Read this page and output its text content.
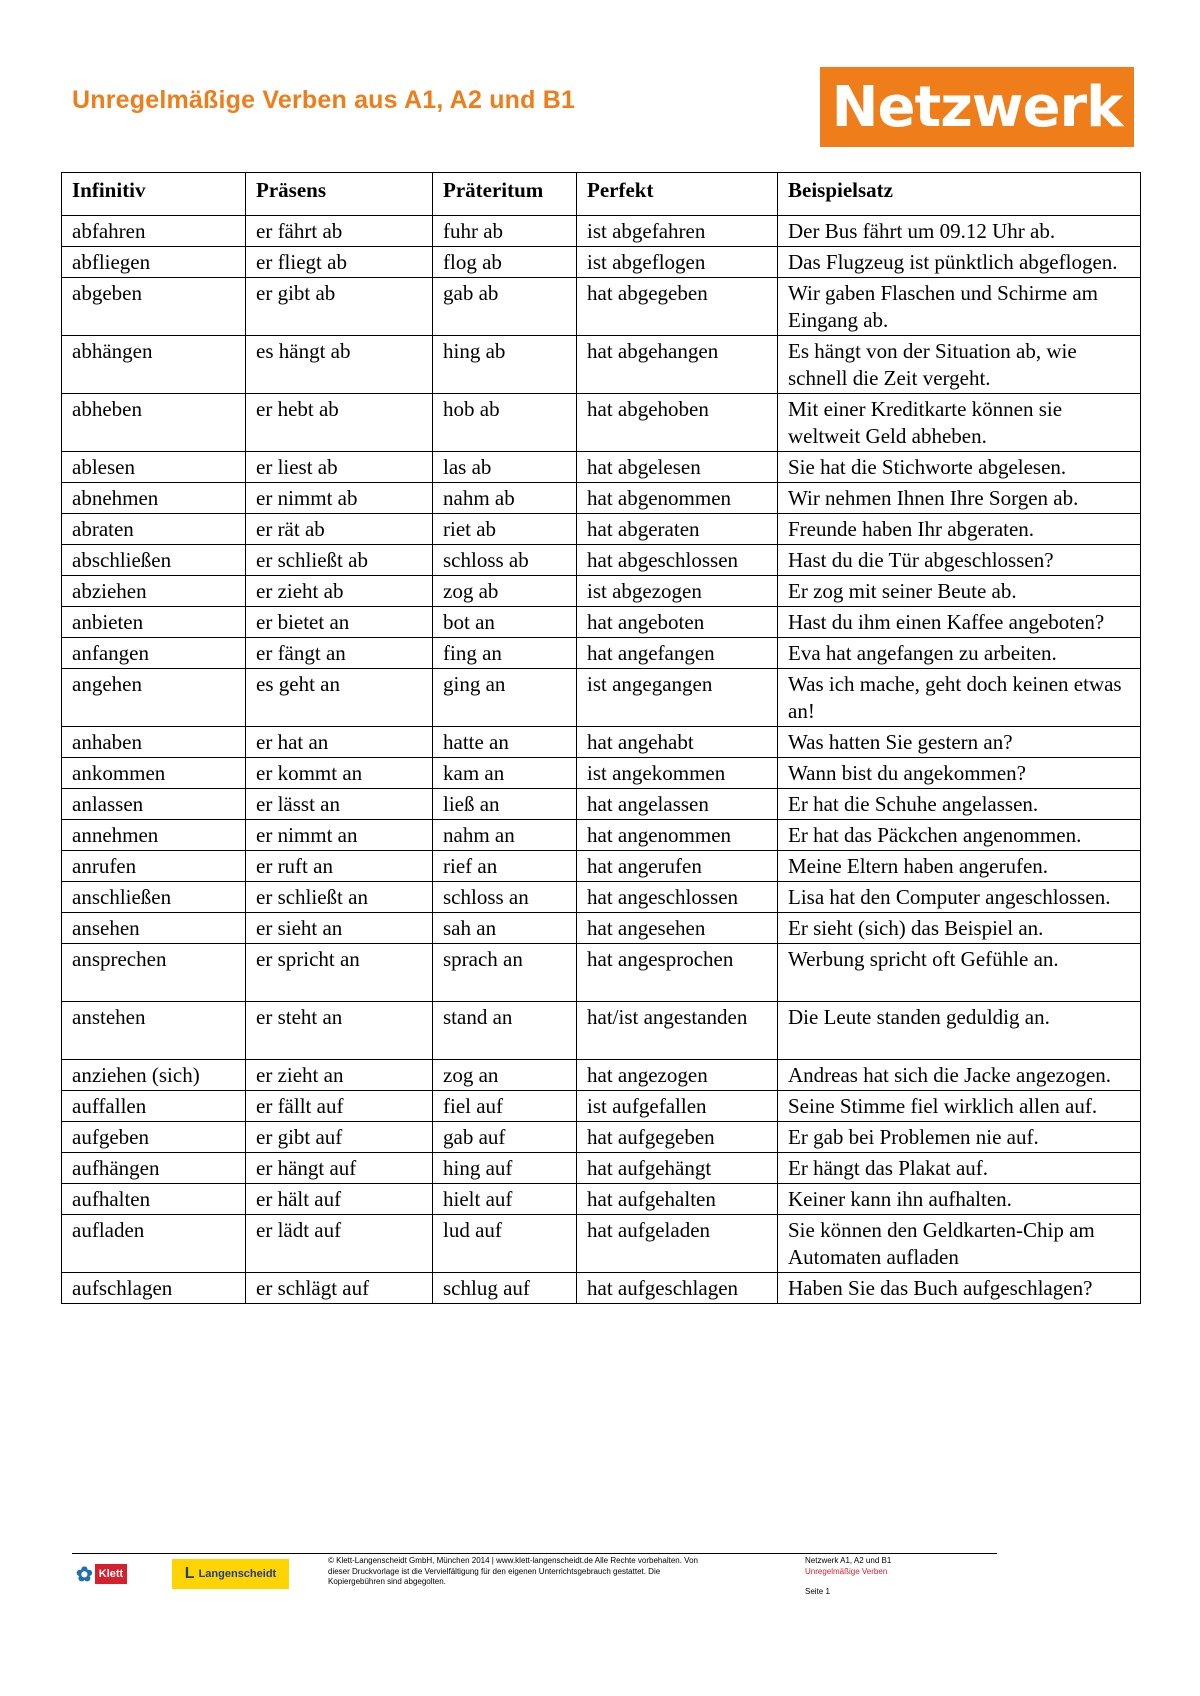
Unregelmäßige Verben aus A1, A2 und B1	Netzwerk
Infinitiv	Präsens	Präteritum	Perfekt	Beispielsatz
abfahren	er fährt ab	fuhr ab	ist abgefahren	Der Bus fährt um 09.12 Uhr ab.
abfliegen	er fliegt ab	flog ab	ist abgeflogen	Das Flugzeug ist pünktlich abgeflogen.
abgeben	er gibt ab	gab ab	hat abgegeben	Wir gaben Flaschen und Schirme am Eingang ab.
abhängen	es hängt ab	hing ab	hat abgehangen	Es hängt von der Situation ab, wie schnell die Zeit vergeht.
abheben	er hebt ab	hob ab	hat abgehoben	Mit einer Kreditkarte können sie weltweit Geld abheben.
ablesen	er liest ab	las ab	hat abgelesen	Sie hat die Stichworte abgelesen.
abnehmen	er nimmt ab	nahm ab	hat abgenommen	Wir nehmen Ihnen Ihre Sorgen ab.
abraten	er rät ab	riet ab	hat abgeraten	Freunde haben Ihr abgeraten.
abschließen	er schließt ab	schloss ab	hat abgeschlossen	Hast du die Tür abgeschlossen?
abziehen	er zieht ab	zog ab	ist abgezogen	Er zog mit seiner Beute ab.
anbieten	er bietet an	bot an	hat angeboten	Hast du ihm einen Kaffee angeboten?
anfangen	er fängt an	fing an	hat angefangen	Eva hat angefangen zu arbeiten.
angehen	es geht an	ging an	ist angegangen	Was ich mache, geht doch keinen etwas an!
anhaben	er hat an	hatte an	hat angehabt	Was hatten Sie gestern an?
ankommen	er kommt an	kam an	ist angekommen	Wann bist du angekommen?
anlassen	er lässt an	ließ an	hat angelassen	Er hat die Schuhe angelassen.
annehmen	er nimmt an	nahm an	hat angenommen	Er hat das Päckchen angenommen.
anrufen	er ruft an	rief an	hat angerufen	Meine Eltern haben angerufen.
anschließen	er schließt an	schloss an	hat angeschlossen	Lisa hat den Computer angeschlossen.
ansehen	er sieht an	sah an	hat angesehen	Er sieht (sich) das Beispiel an.
ansprechen	er spricht an	sprach an	hat angesprochen	Werbung spricht oft Gefühle an.
anstehen	er steht an	stand an	hat/ist angestanden	Die Leute standen geduldig an.
anziehen (sich)	er zieht an	zog an	hat angezogen	Andreas hat sich die Jacke angezogen.
auffallen	er fällt auf	fiel auf	ist aufgefallen	Seine Stimme fiel wirklich allen auf.
aufgeben	er gibt auf	gab auf	hat aufgegeben	Er gab bei Problemen nie auf.
aufhängen	er hängt auf	hing auf	hat aufgehängt	Er hängt das Plakat auf.
aufhalten	er hält auf	hielt auf	hat aufgehalten	Keiner kann ihn aufhalten.
aufladen	er lädt auf	lud auf	hat aufgeladen	Sie können den Geldkarten-Chip am Automaten aufladen
aufschlagen	er schlägt auf	schlug auf	hat aufgeschlagen	Haben Sie das Buch aufgeschlagen?
✿ Klett	L Langenscheidt
© Klett-Langenscheidt GmbH, München 2014 | www.klett-langenscheidt.de Alle Rechte vorbehalten. Von dieser Druckvorlage ist die Vervielfältigung für den eigenen Unterrichtsgebrauch gestattet. Die Kopiergebühren sind abgegolten.
Netzwerk A1, A2 und B1
Unregelmäßige Verben
Seite 1
